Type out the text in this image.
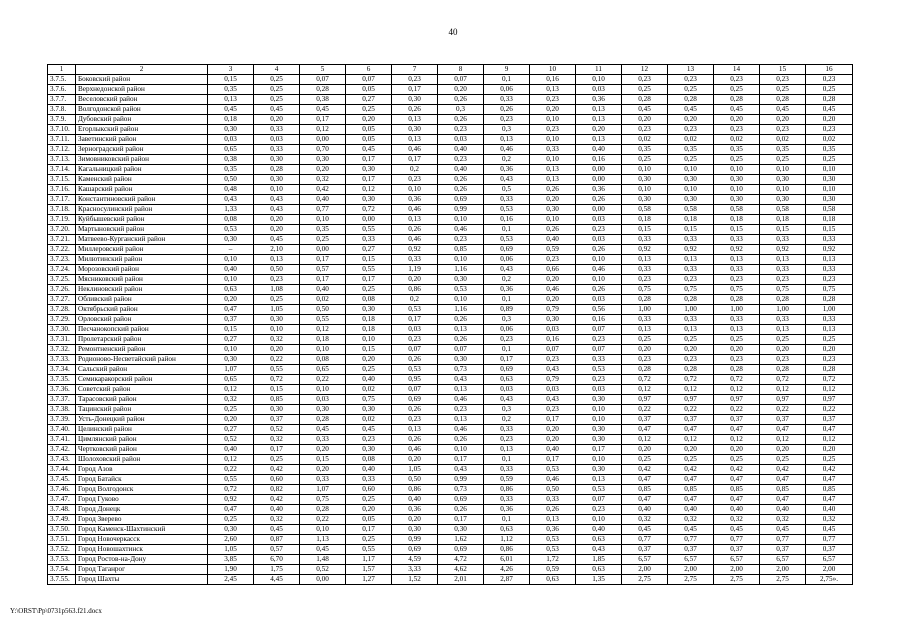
40
1	2	3	4	5	6	7	8	9	10	11	12	13	14	15	16
3.7.5.	Боковский район	0,15	0,25	0,07	0,07	0,23	0,07	0,1	0,16	0,10	0,23	0,23	0,23	0,23	0,23
3.7.6.	Верхнедонской район	0,35	0,25	0,28	0,05	0,17	0,20	0,06	0,13	0,03	0,25	0,25	0,25	0,25	0,25
3.7.7.	Веселовский район	0,13	0,25	0,38	0,27	0,30	0,26	0,33	0,23	0,36	0,28	0,28	0,28	0,28	0,28
3.7.8.	Волгодонской район	0,45	0,45	0,45	0,25	0,26	0,3	0,26	0,20	0,13	0,45	0,45	0,45	0,45	0,45
3.7.9.	Дубовский район	0,18	0,20	0,17	0,20	0,13	0,26	0,23	0,10	0,13	0,20	0,20	0,20	0,20	0,20
3.7.10.	Егорлыкский район	0,30	0,33	0,12	0,05	0,30	0,23	0,3	0,23	0,20	0,23	0,23	0,23	0,23	0,23
3.7.11.	Заветинский район	0,03	0,03	0,00	0,05	0,13	0,03	0,13	0,10	0,13	0,02	0,02	0,02	0,02	0,02
3.7.12.	Зерноградский район	0,65	0,33	0,70	0,45	0,46	0,40	0,46	0,33	0,40	0,35	0,35	0,35	0,35	0,35
3.7.13.	Зимовниковский район	0,38	0,30	0,30	0,17	0,17	0,23	0,2	0,10	0,16	0,25	0,25	0,25	0,25	0,25
3.7.14.	Кагальницкий район	0,35	0,28	0,20	0,30	0,2	0,40	0,36	0,13	0,00	0,10	0,10	0,10	0,10	0,10
3.7.15.	Каменский район	0,50	0,30	0,32	0,17	0,23	0,26	0,43	0,13	0,00	0,30	0,30	0,30	0,30	0,30
3.7.16.	Кашарский район	0,48	0,10	0,42	0,12	0,10	0,26	0,5	0,26	0,36	0,10	0,10	0,10	0,10	0,10
3.7.17.	Константиновский район	0,43	0,43	0,40	0,30	0,36	0,69	0,33	0,20	0,26	0,30	0,30	0,30	0,30	0,30
3.7.18.	Красносулинский район	1,33	0,43	0,77	0,72	0,46	0,99	0,53	0,30	0,00	0,58	0,58	0,58	0,58	0,58
3.7.19.	Куйбышевский район	0,08	0,20	0,10	0,00	0,13	0,10	0,16	0,10	0,03	0,18	0,18	0,18	0,18	0,18
3.7.20.	Мартыновский район	0,53	0,20	0,35	0,55	0,26	0,46	0,1	0,26	0,23	0,15	0,15	0,15	0,15	0,15
3.7.21.	Матвеево-Курганский район	0,30	0,45	0,25	0,33	0,46	0,23	0,53	0,40	0,03	0,33	0,33	0,33	0,33	0,33
3.7.22.	Миллеровский район	–	2,10	0,00	0,27	0,92	0,85	0,69	0,59	0,26	0,92	0,92	0,92	0,92	0,92
3.7.23.	Милютинский район	0,10	0,13	0,17	0,15	0,33	0,10	0,06	0,23	0,10	0,13	0,13	0,13	0,13	0,13
3.7.24.	Морозовский район	0,40	0,50	0,57	0,55	1,19	1,16	0,43	0,66	0,46	0,33	0,33	0,33	0,33	0,33
3.7.25.	Мясниковский район	0,10	0,23	0,17	0,17	0,20	0,30	0,2	0,20	0,10	0,23	0,23	0,23	0,23	0,23
3.7.26.	Неклиновский район	0,63	1,08	0,40	0,25	0,86	0,53	0,36	0,46	0,26	0,75	0,75	0,75	0,75	0,75
3.7.27.	Обливский район	0,20	0,25	0,02	0,08	0,2	0,10	0,1	0,20	0,03	0,28	0,28	0,28	0,28	0,28
3.7.28.	Октябрьский район	0,47	1,05	0,50	0,30	0,53	1,16	0,89	0,79	0,56	1,00	1,00	1,00	1,00	1,00
3.7.29.	Орловский район	0,37	0,30	0,55	0,18	0,17	0,26	0,3	0,30	0,16	0,33	0,33	0,33	0,33	0,33
3.7.30.	Песчанокопский район	0,15	0,10	0,12	0,18	0,03	0,13	0,06	0,03	0,07	0,13	0,13	0,13	0,13	0,13
3.7.31.	Пролетарский район	0,27	0,32	0,18	0,10	0,23	0,26	0,23	0,16	0,23	0,25	0,25	0,25	0,25	0,25
3.7.32.	Ремонтненский район	0,10	0,20	0,10	0,15	0,07	0,07	0,1	0,07	0,07	0,20	0,20	0,20	0,20	0,20
3.7.33.	Родионово-Несветайский район	0,30	0,22	0,08	0,20	0,26	0,30	0,17	0,23	0,33	0,23	0,23	0,23	0,23	0,23
3.7.34.	Сальский район	1,07	0,55	0,65	0,25	0,53	0,73	0,69	0,43	0,53	0,28	0,28	0,28	0,28	0,28
3.7.35.	Семикаракорский район	0,65	0,72	0,22	0,40	0,95	0,43	0,63	0,79	0,23	0,72	0,72	0,72	0,72	0,72
3.7.36.	Советский район	0,12	0,15	0,10	0,02	0,07	0,13	0,03	0,03	0,03	0,12	0,12	0,12	0,12	0,12
3.7.37.	Тарасовский район	0,32	0,85	0,03	0,75	0,69	0,46	0,43	0,43	0,30	0,97	0,97	0,97	0,97	0,97
3.7.38.	Тацинский район	0,25	0,30	0,30	0,30	0,26	0,23	0,3	0,23	0,10	0,22	0,22	0,22	0,22	0,22
3.7.39.	Усть-Донецкий район	0,20	0,37	0,28	0,02	0,23	0,13	0,2	0,17	0,10	0,37	0,37	0,37	0,37	0,37
3.7.40.	Целинский район	0,27	0,52	0,45	0,45	0,13	0,46	0,33	0,20	0,30	0,47	0,47	0,47	0,47	0,47
3.7.41.	Цимлянский район	0,52	0,32	0,33	0,23	0,26	0,26	0,23	0,20	0,30	0,12	0,12	0,12	0,12	0,12
3.7.42.	Чертковский район	0,40	0,17	0,20	0,30	0,46	0,10	0,13	0,40	0,17	0,20	0,20	0,20	0,20	0,20
3.7.43.	Шолоховский район	0,12	0,25	0,15	0,08	0,20	0,17	0,1	0,17	0,10	0,25	0,25	0,25	0,25	0,25
3.7.44.	Город Азов	0,22	0,42	0,20	0,40	1,05	0,43	0,33	0,53	0,30	0,42	0,42	0,42	0,42	0,42
3.7.45.	Город Батайск	0,55	0,60	0,33	0,33	0,50	0,99	0,59	0,46	0,13	0,47	0,47	0,47	0,47	0,47
3.7.46.	Город Волгодонск	0,72	0,82	1,07	0,60	0,86	0,73	0,86	0,50	0,53	0,85	0,85	0,85	0,85	0,85
3.7.47.	Город Гуково	0,92	0,42	0,75	0,25	0,40	0,69	0,33	0,33	0,07	0,47	0,47	0,47	0,47	0,47
3.7.48.	Город Донецк	0,47	0,40	0,28	0,20	0,36	0,26	0,36	0,26	0,23	0,40	0,40	0,40	0,40	0,40
3.7.49.	Город Зверево	0,25	0,32	0,22	0,05	0,20	0,17	0,1	0,13	0,10	0,32	0,32	0,32	0,32	0,32
3.7.50.	Город Каменск-Шахтинский	0,30	0,45	0,10	0,17	0,30	0,30	0,63	0,36	0,40	0,45	0,45	0,45	0,45	0,45
3.7.51.	Город Новочеркасск	2,60	0,87	1,13	0,25	0,99	1,62	1,12	0,53	0,63	0,77	0,77	0,77	0,77	0,77
3.7.52.	Город Новошахтинск	1,05	0,57	0,45	0,55	0,69	0,69	0,86	0,53	0,43	0,37	0,37	0,37	0,37	0,37
3.7.53.	Город Ростов-на-Дону	3,85	6,70	1,48	1,17	4,59	4,72	6,01	1,72	1,85	6,57	6,57	6,57	6,57	6,57
3.7.54.	Город Таганрог	1,90	1,75	0,52	1,57	3,33	4,62	4,26	0,59	0,63	2,00	2,00	2,00	2,00	2,00
3.7.55.	Город Шахты	2,45	4,45	0,00	1,27	1,52	2,01	2,87	0,63	1,35	2,75	2,75	2,75	2,75	2,75».
Y:\ORST\Pp\0731p563.f21.docx
